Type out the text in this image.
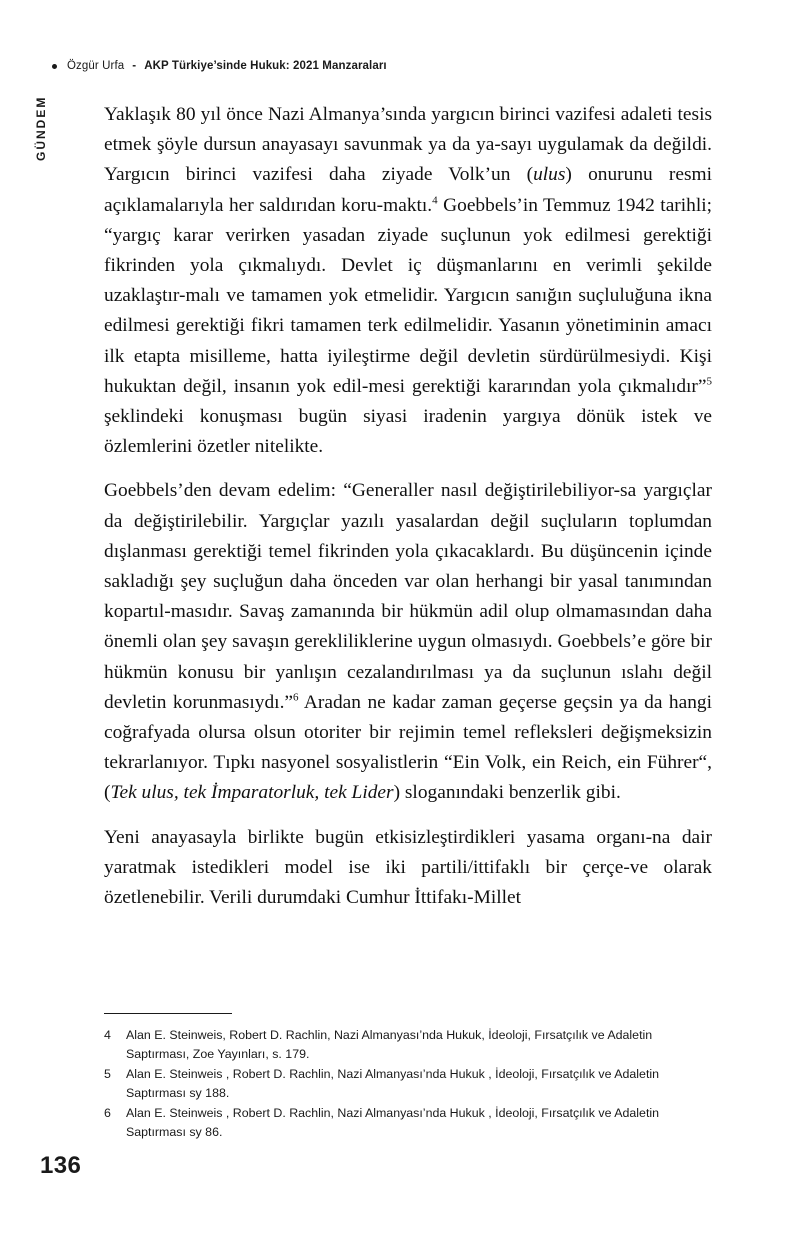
Özgür Urfa - AKP Türkiye’sinde Hukuk: 2021 Manzaraları
GÜNDEM	Yaklaşık 80 yıl önce Nazi Almanya’sında yargıcın birinci vazifesi adaleti tesis etmek şöyle dursun anayasayı savunmak ya da ya-sayı uygulamak da değildi. Yargıcın birinci vazifesi daha ziyade Volk’un (ulus) onurunu resmi açıklamalarıyla her saldırıdan koru-maktı.$^4$ Goebbels’in Temmuz 1942 tarihli; “yargıç karar verirken yasadan ziyade suçlunun yok edilmesi gerektiği fikrinden yola çıkmalıydı. Devlet iç düşmanlarını en verimli şekilde uzaklaştır-malı ve tamamen yok etmelidir. Yargıcın sanığın suçluluğuna ikna edilmesi gerektiği fikri tamamen terk edilmelidir. Yasanın yönetiminin amacı ilk etapta misilleme, hatta iyileştirme değil devletin sürdürülmesiydi. Kişi hukuktan değil, insanın yok edil-mesi gerektiği kararından yola çıkmalıdır”$^5$ şeklindeki konuşması bugün siyasi iradenin yargıya dönük istek ve özlemlerini özetler nitelikte.

Goebbels’den devam edelim: “Generaller nasıl değiştirilebiliyor-sa yargıçlar da değiştirilebilir. Yargıçlar yazılı yasalardan değil suçluların toplumdan dışlanması gerektiği temel fikrinden yola çıkacaklardı. Bu düşüncenin içinde sakladığı şey suçluğun daha önceden var olan herhangi bir yasal tanımından kopartıl-masıdır. Savaş zamanında bir hükmün adil olup olmamasından daha önemli olan şey savaşın gerekliliklerine uygun olmasıydı. Goebbels’e göre bir hükmün konusu bir yanlışın cezalandırılması ya da suçlunun ıslahı değil devletin korunmasıydı.”$^6$ Aradan ne kadar zaman geçerse geçsin ya da hangi coğrafyada olursa olsun otoriter bir rejimin temel refleksleri değişmeksizin tekrarlanıyor. Tıpkı nasyonel sosyalistlerin “Ein Volk, ein Reich, ein Führer“, (Tek ulus, tek İmparatorluk, tek Lider) sloganındaki benzerlik gibi.

Yeni anayasayla birlikte bugün etkisizleştirdikleri yasama organı-na dair yaratmak istedikleri model ise iki partili/ittifaklı bir çerçe-ve olarak özetlenebilir. Verili durumdaki Cumhur İttifakı-Millet

4	Alan E. Steinweis, Robert D. Rachlin, Nazi Almanyası’nda Hukuk, İdeoloji, Fırsatçılık ve Adaletin Saptırması, Zoe Yayınları, s. 179.
5	Alan E. Steinweis , Robert D. Rachlin, Nazi Almanyası’nda Hukuk , İdeoloji, Fırsatçılık ve Adaletin Saptırması sy 188.
6	Alan E. Steinweis , Robert D. Rachlin, Nazi Almanyası’nda Hukuk , İdeoloji, Fırsatçılık ve Adaletin Saptırması sy 86.
136
